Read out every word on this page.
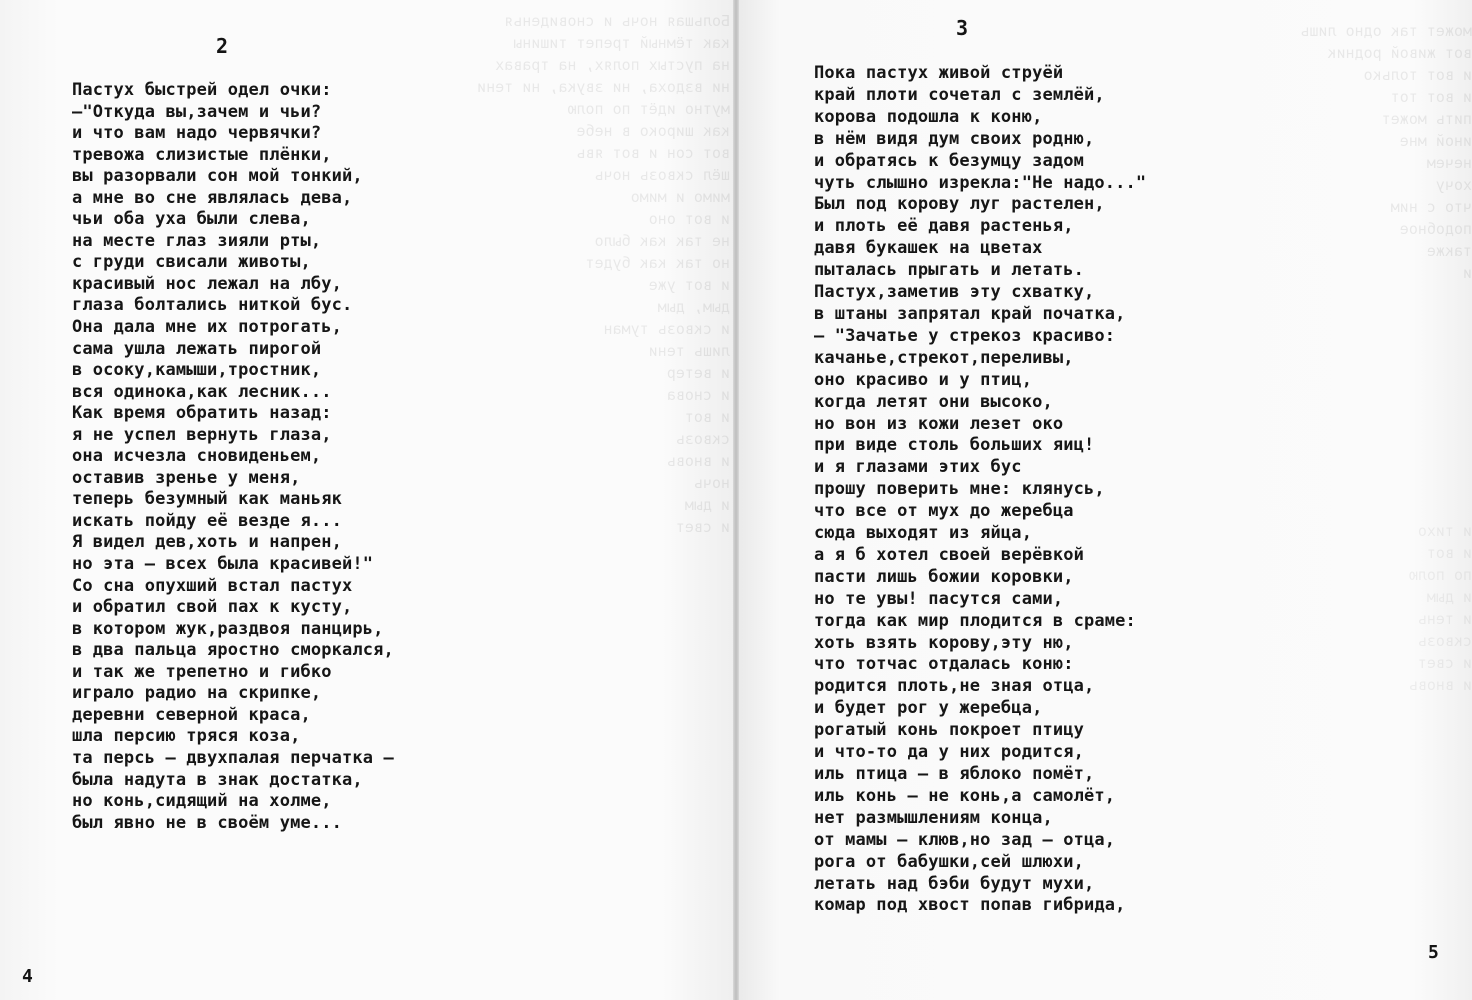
Большая ночь и сновиденья
как тёмный трепет тишины
на пустых полях, на травах
ни вздоха, ни звука, ни тени
мутно идёт по полю
как широко в небе
вот сон и вот явь
шёл сквозь ночь
мимо и мимо
и вот оно
не так как было
но так как будет
и вот уже
дым, дым
и сквозь туман
лишь тени
и ветер
и снова
и вот
сквозь
и вновь
ночь
и дым
и свет
2
Пастух быстрей одел очки:
–"Откуда вы,зачем и чьи?
и что вам надо червячки?
тревожа слизистые плёнки,
вы разорвали сон мой тонкий,
а мне во сне являлась дева,
чьи оба уха были слева,
на месте глаз зияли рты,
с груди свисали животы,
красивый нос лежал на лбу,
глаза болтались ниткой бус.
Она дала мне их потрогать,
сама ушла лежать пирогой
в осоку,камыши,тростник,
вся одинока,как лесник...
Как время обратить назад:
я не успел вернуть глаза,
она исчезла сновиденьем,
оставив зренье у меня,
теперь безумный как маньяк
искать пойду её везде я...
Я видел дев,хоть и напрен,
но эта – всех была красивей!"
Со сна опухший встал пастух
и обратил свой пах к кусту,
в котором жук,раздвоя панцирь,
в два пальца яростно сморкался,
и так же трепетно и гибко
играло радио на скрипке,
деревни северной краса,
шла персию тряся коза,
та персь – двухпалая перчатка –
была надута в знак достатка,
но конь,сидящий на холме,
был явно не в своём уме...
4
может так одно лишь
вот живой родник
и вот только
и вот тот
пить может
иной мне
нечем
хочу
что с ним
подобное
также
и
и тихо
и вот
по полю
и дым
и тень
сквозь
и свет
и вновь
3
Пока пастух живой струёй
край плоти сочетал с землёй,
корова подошла к коню,
в нём видя дум своих родню,
и обратясь к безумцу задом
чуть слышно изрекла:"Не надо..."
Был под корову луг растелен,
и плоть её давя растенья,
давя букашек на цветах
пыталась прыгать и летать.
Пастух,заметив эту схватку,
в штаны запрятал край початка,
– "Зачатье у стрекоз красиво:
качанье,стрекот,переливы,
оно красиво и у птиц,
когда летят они высоко,
но вон из кожи лезет око
при виде столь больших яиц!
и я глазами этих бус
прошу поверить мне: клянусь,
что все от мух до жеребца
сюда выходят из яйца,
а я б хотел своей верёвкой
пасти лишь божии коровки,
но те увы! пасутся сами,
тогда как мир плодится в сраме:
хоть взять корову,эту ню,
что тотчас отдалась коню:
родится плоть,не зная отца,
и будет рог у жеребца,
рогатый конь покроет птицу
и что-то да у них родится,
иль птица – в яблоко помёт,
иль конь – не конь,а самолёт,
нет размышлениям конца,
от мамы – клюв,но зад – отца,
рога от бабушки,сей шлюхи,
летать над бэби будут мухи,
комар под хвост попав гибрида,
5
